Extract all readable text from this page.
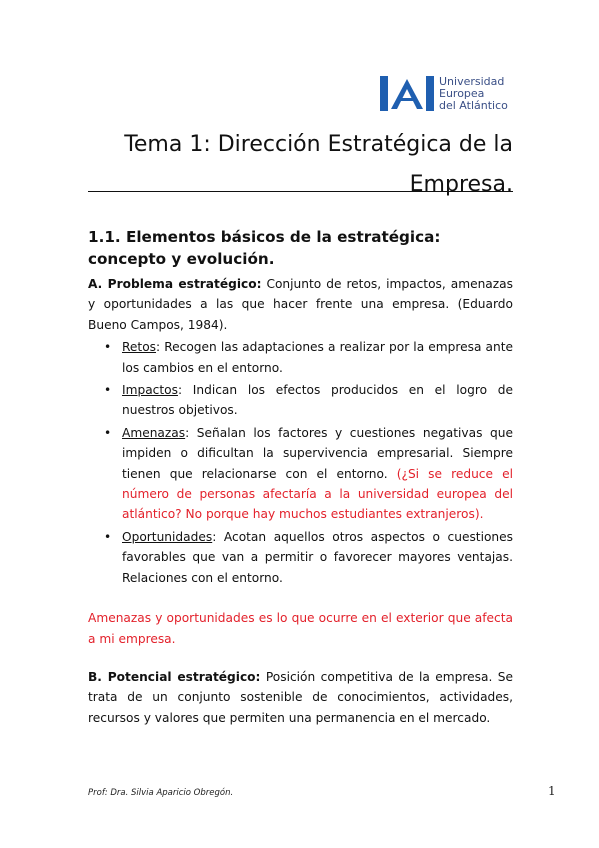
Universidad
Europea
del Atlántico
Tema 1: Dirección Estratégica de la
Empresa.
1.1. Elementos básicos de la estratégica: concepto y evolución.

A. Problema estratégico: Conjunto de retos, impactos, amenazas y oportunidades a las que hacer frente una empresa. (Eduardo Bueno Campos, 1984).

• Retos: Recogen las adaptaciones a realizar por la empresa ante los cambios en el entorno.
• Impactos: Indican los efectos producidos en el logro de nuestros objetivos.
• Amenazas: Señalan los factores y cuestiones negativas que impiden o dificultan la supervivencia empresarial. Siempre tienen que relacionarse con el entorno. (¿Si se reduce el número de personas afectaría a la universidad europea del atlántico? No porque hay muchos estudiantes extranjeros).
• Oportunidades: Acotan aquellos otros aspectos o cuestiones favorables que van a permitir o favorecer mayores ventajas. Relaciones con el entorno.

Amenazas y oportunidades es lo que ocurre en el exterior que afecta a mi empresa.

B. Potencial estratégico: Posición competitiva de la empresa. Se trata de un conjunto sostenible de conocimientos, actividades, recursos y valores que permiten una permanencia en el mercado.

Prof: Dra. Silvia Aparicio Obregón.	1
